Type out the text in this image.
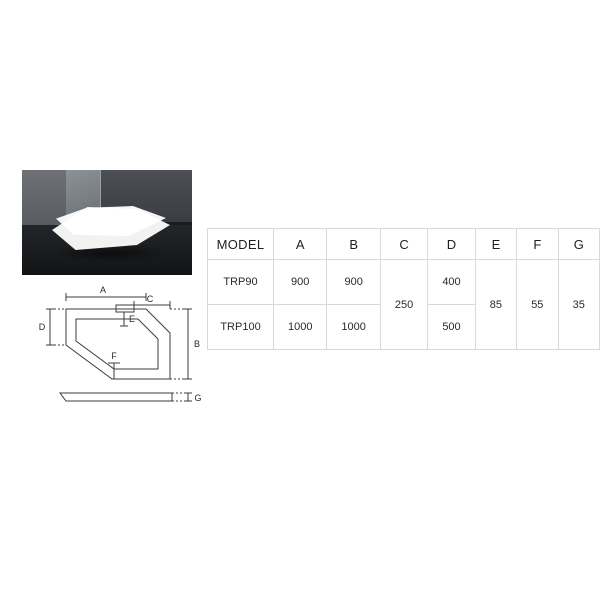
A
B
C
D
E
F
G
MODEL	A	B	C	D	E	F	G
TRP90	900	900	250	400	85	55	35
TRP100	1000	1000		500			
